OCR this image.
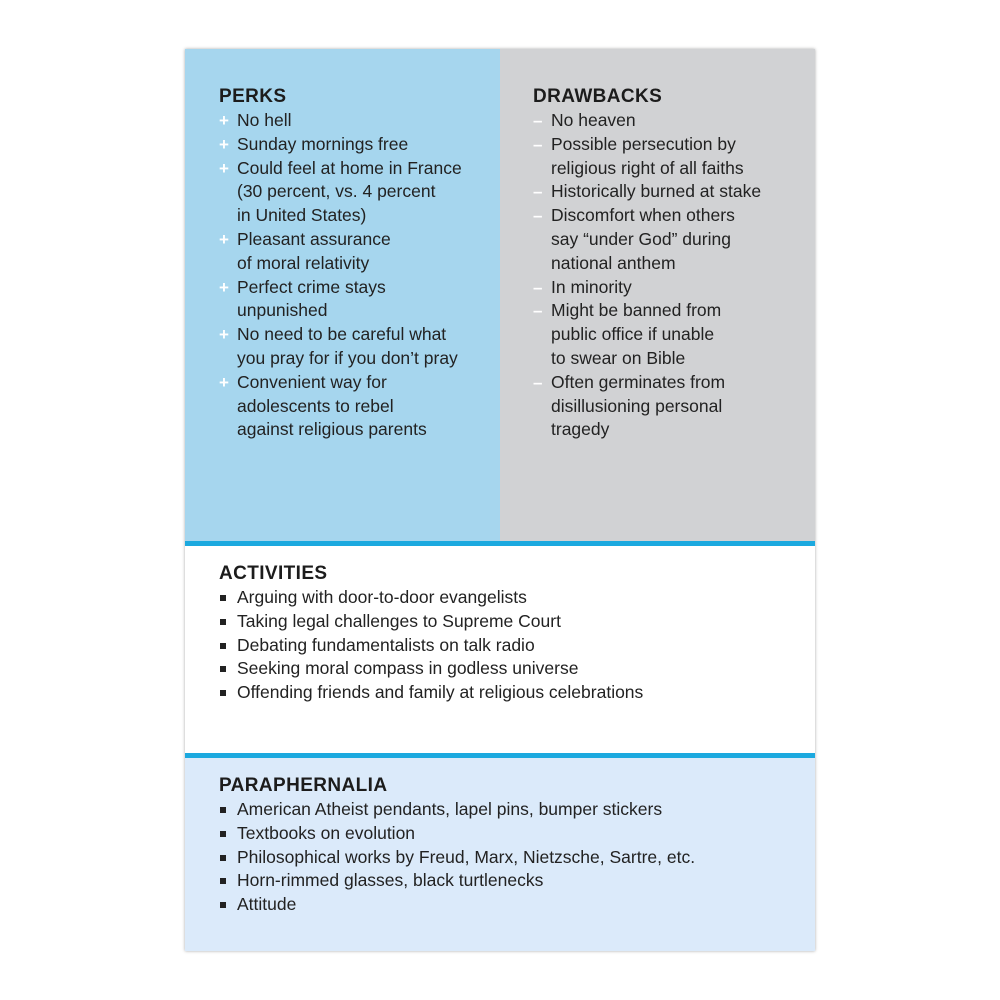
PERKS
+ No hell
+ Sunday mornings free
+ Could feel at home in France
(30 percent, vs. 4 percent
in United States)
+ Pleasant assurance
of moral relativity
+ Perfect crime stays
unpunished
+ No need to be careful what
you pray for if you don’t pray
+ Convenient way for
adolescents to rebel
against religious parents
DRAWBACKS
– No heaven
– Possible persecution by
religious right of all faiths
– Historically burned at stake
– Discomfort when others
say “under God” during
national anthem
– In minority
– Might be banned from
public office if unable
to swear on Bible
– Often germinates from
disillusioning personal
tragedy
ACTIVITIES
Arguing with door-to-door evangelists
Taking legal challenges to Supreme Court
Debating fundamentalists on talk radio
Seeking moral compass in godless universe
Offending friends and family at religious celebrations
PARAPHERNALIA
American Atheist pendants, lapel pins, bumper stickers
Textbooks on evolution
Philosophical works by Freud, Marx, Nietzsche, Sartre, etc.
Horn-rimmed glasses, black turtlenecks
Attitude
